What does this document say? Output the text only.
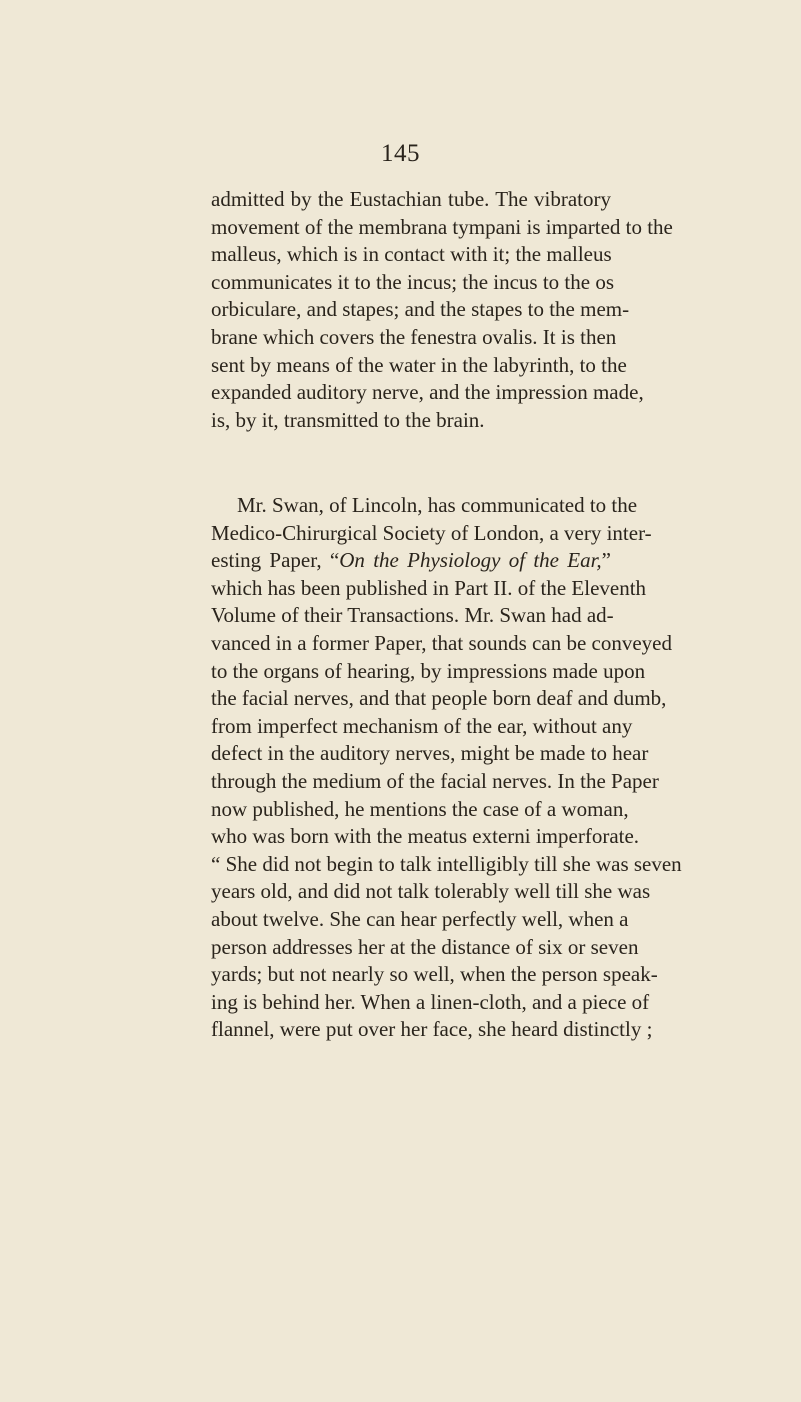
145
admitted by the Eustachian tube. The vibratory
movement of the membrana tympani is imparted to the
malleus, which is in contact with it; the malleus
communicates it to the incus; the incus to the os
orbiculare, and stapes; and the stapes to the mem-
brane which covers the fenestra ovalis. It is then
sent by means of the water in the labyrinth, to the
expanded auditory nerve, and the impression made,
is, by it, transmitted to the brain.
Mr. Swan, of Lincoln, has communicated to the
Medico-Chirurgical Society of London, a very inter-
esting Paper, “On the Physiology of the Ear,”
which has been published in Part II. of the Eleventh
Volume of their Transactions. Mr. Swan had ad-
vanced in a former Paper, that sounds can be conveyed
to the organs of hearing, by impressions made upon
the facial nerves, and that people born deaf and dumb,
from imperfect mechanism of the ear, without any
defect in the auditory nerves, might be made to hear
through the medium of the facial nerves. In the Paper
now published, he mentions the case of a woman,
who was born with the meatus externi imperforate.
“ She did not begin to talk intelligibly till she was seven
years old, and did not talk tolerably well till she was
about twelve. She can hear perfectly well, when a
person addresses her at the distance of six or seven
yards; but not nearly so well, when the person speak-
ing is behind her. When a linen-cloth, and a piece of
flannel, were put over her face, she heard distinctly ;
